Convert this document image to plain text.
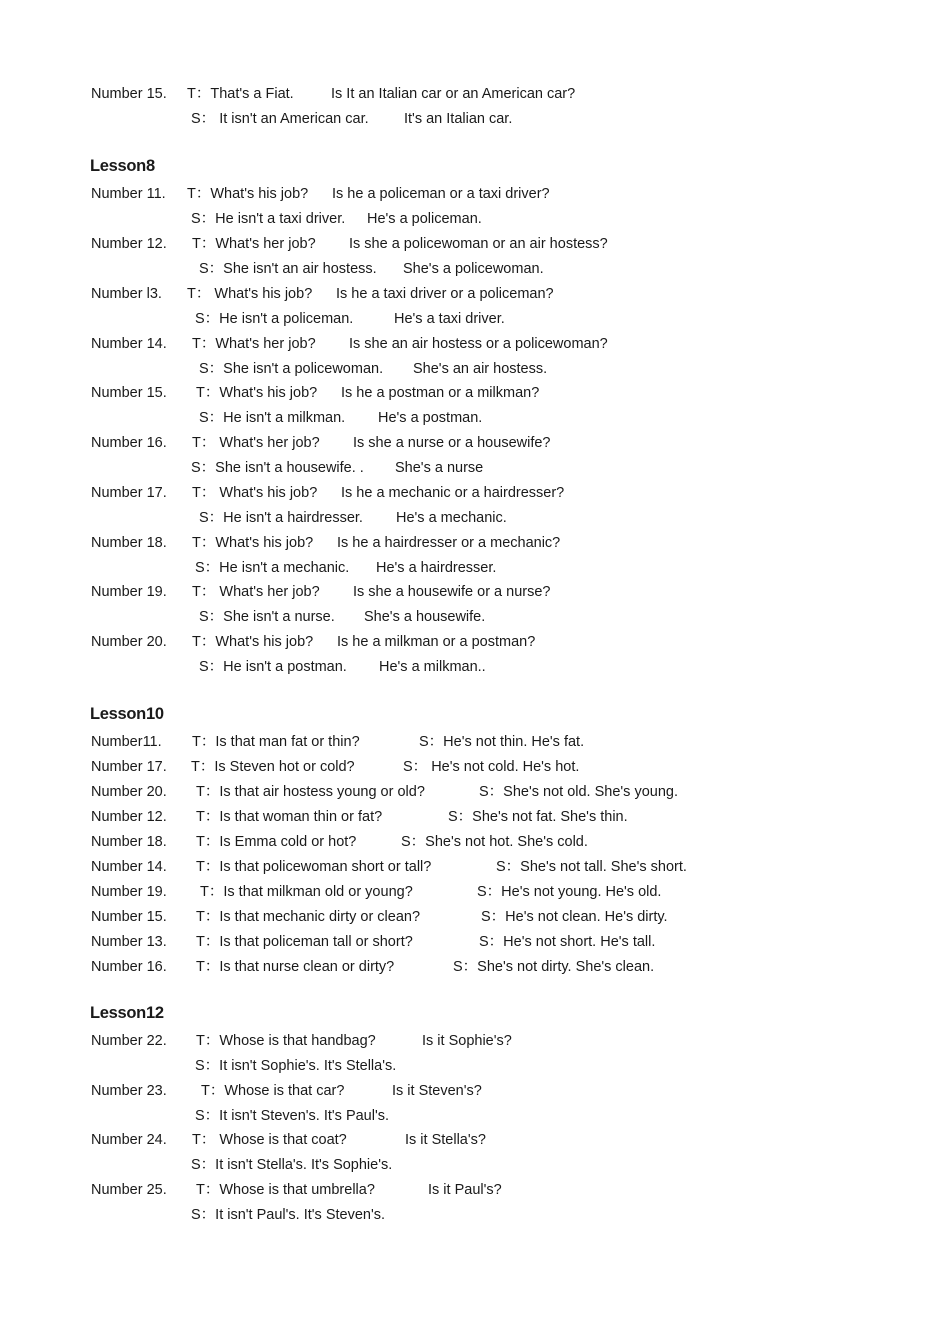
Number 15. T：That's a Fiat.	Is It an Italian car or an American car?
S： It isn't an American car. It's an Italian car.
Lesson8
Number 11. T：What's his job? Is he a policeman or a taxi driver?
S：He isn't a taxi driver. He's a policeman.
Number 12. T：What's her job? Is she a policewoman or an air hostess?
S：She isn't an air hostess. She's a policewoman.
Number l3. T： What's his job? Is he a taxi driver or a policeman?
S：He isn't a policeman.	He's a taxi driver.
Number 14. T：What's her job? Is she an air hostess or a policewoman?
S：She isn't a policewoman. She's an air hostess.
Number 15. T：What's his job? Is he a postman or a milkman?
S：He isn't a milkman. He's a postman.
Number 16. T： What's her job? Is she a nurse or a housewife?
S：She isn't a housewife. . She's a nurse
Number 17. T： What's his job? Is he a mechanic or a hairdresser?
S：He isn't a hairdresser. He's a mechanic.
Number 18. T：What's his job? Is he a hairdresser or a mechanic?
S：He isn't a mechanic. He's a hairdresser.
Number 19. T： What's her job? Is she a housewife or a nurse?
S：She isn't a nurse. She's a housewife.
Number 20. T：What's his job? Is he a milkman or a postman?
S：He isn't a postman. He's a milkman..
Lesson10
Number11. T：Is that man fat or thin?	S：He's not thin. He's fat.
Number 17. T：Is Steven hot or cold?	S： He's not cold. He's hot.
Number 20. T：Is that air hostess young or old?	S：She's not old. She's young.
Number 12. T：Is that woman thin or fat?	S：She's not fat. She's thin.
Number 18. T：Is Emma cold or hot?	S：She's not hot. She's cold.
Number 14. T：Is that policewoman short or tall?	S：She's not tall. She's short.
Number 19. T：Is that milkman old or young?	S：He's not young. He's old.
Number 15. T：Is that mechanic dirty or clean?	S：He's not clean. He's dirty.
Number 13. T：Is that policeman tall or short?	S：He's not short. He's tall.
Number 16. T：Is that nurse clean or dirty?	S：She's not dirty. She's clean.
Lesson12
Number 22. T：Whose is that handbag?	Is it Sophie's?
S：It isn't Sophie's. It's Stella's.
Number 23. T：Whose is that car?	Is it Steven's?
S：It isn't Steven's. It's Paul's.
Number 24. T： Whose is that coat?	Is it Stella's?
S：It isn't Stella's. It's Sophie's.
Number 25. T：Whose is that umbrella?	Is it Paul's?
S：It isn't Paul's. It's Steven's.
